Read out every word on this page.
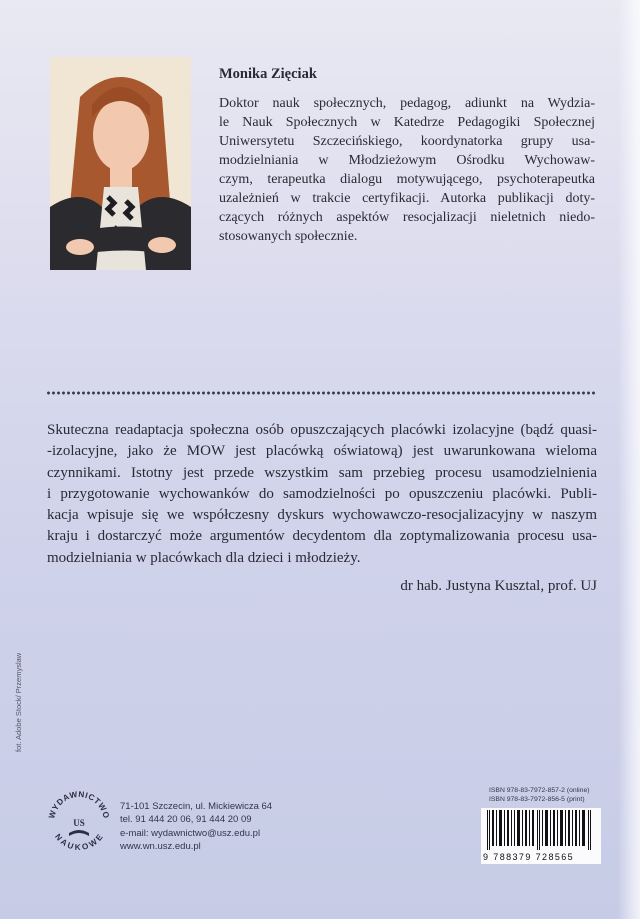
Monika Zięciak
Doktor nauk społecznych, pedagog, adiunkt na Wydzia-
le Nauk Społecznych w Katedrze Pedagogiki Społecznej
Uniwersytetu Szczecińskiego, koordynatorka grupy usa-
modzielniania w Młodzieżowym Ośrodku Wychowaw-
czym, terapeutka dialogu motywującego, psychoterapeutka
uzależnień w trakcie certyfikacji. Autorka publikacji doty-
czących różnych aspektów resocjalizacji nieletnich niedo-
stosowanych społecznie.
Skuteczna readaptacja społeczna osób opuszczających placówki izolacyjne (bądź quasi-
-izolacyjne, jako że MOW jest placówką oświatową) jest uwarunkowana wieloma
czynnikami. Istotny jest przede wszystkim sam przebieg procesu usamodzielnienia
i przygotowanie wychowanków do samodzielności po opuszczeniu placówki. Publi-
kacja wpisuje się we współczesny dyskurs wychowawczo-resocjalizacyjny w naszym
kraju i dostarczyć może argumentów decydentom dla zoptymalizowania procesu usa-
modzielniania w placówkach dla dzieci i młodzieży.
dr hab. Justyna Kusztal, prof. UJ
fot. Adobe Stock/ Przemyslaw
WYDAWNICTWO
NAUKOWE
US
71-101 Szczecin, ul. Mickiewicza 64
tel. 91 444 20 06, 91 444 20 09
e-mail: wydawnictwo@usz.edu.pl
www.wn.usz.edu.pl
ISBN 978-83-7972-857-2 (online)
ISBN 978-83-7972-856-5 (print)
9 788379 728565
